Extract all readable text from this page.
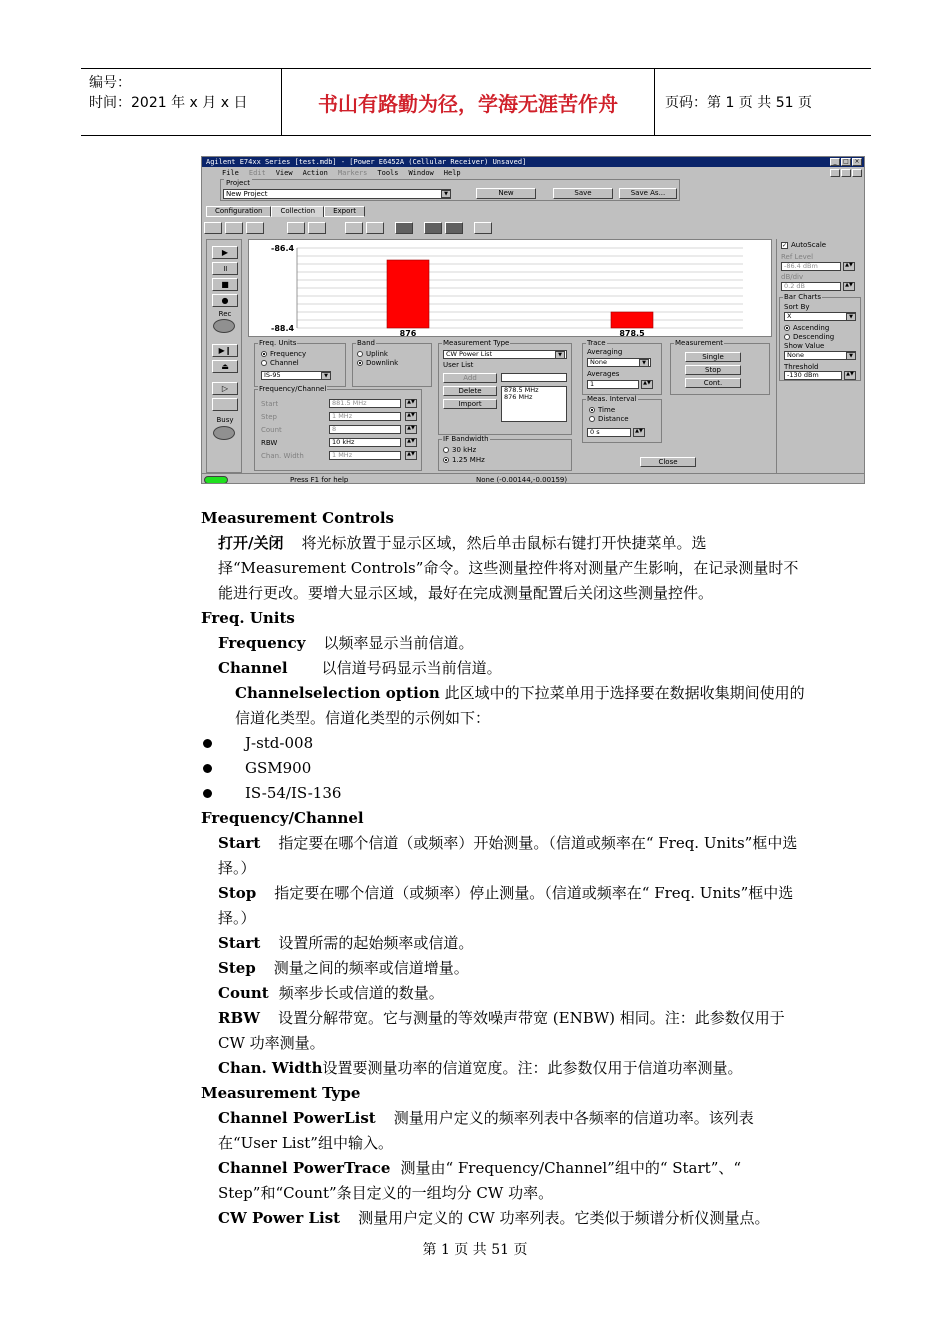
编号：
时间：2021 年 x 月 x 日	书山有路勤为径，学海无涯苦作舟	页码：第 1 页 共 51 页
Agilent E74xx Series [test.mdb] - [Power E6452A (Cellular Receiver) Unsaved]	_	□ ×
File Edit View Action Markers Tools Window Help
Project
New Project	▼	New	Save	Save As...
Configuration	Collection	Export
▶
॥
■
●
Rec
▶❙
⏏
▷
Busy
-86.4
-88.4
876	878.5
Freq. Units
Frequency
Channel
IS-95	▼
Band
Uplink
Downlink
Frequency/Channel
Start	881.5 MHz	▲▼
Step	1 MHz	▲▼
Count	8	▲▼
RBW	10 kHz	▲▼
Chan. Width	1 MHz	▲▼
Measurement Type
CW Power List	▼
User List
Add
Delete
Import
878.5 MHz
876 MHz
IF Bandwidth
30 kHz
1.25 MHz
Trace
Averaging
None	▼
Averages
1	▲▼
Meas. Interval
Time
Distance
0 s	▲▼
Measurement
Single
Stop
Cont.
Close
✓ AutoScale
Ref Level
-86.4 dBm	▲▼
dB/div
0.2 dB	▲▼
Bar Charts
Sort By
X	▼
Ascending
Descending
Show Value
None	▼
Threshold
-130 dBm	▲▼
Press F1 for help	None (-0.00144,-0.00159)

Measurement Controls

打开/关闭 将光标放置于显示区域，然后单击鼠标右键打开快捷菜单。选择“Measurement Controls”命令。这些测量控件将对测量产生影响，在记录测量时不能进行更改。要增大显示区域，最好在完成测量配置后关闭这些测量控件。

Freq. Units

Frequency 以频率显示当前信道。

Channel 以信道号码显示当前信道。

Channelselection option 此区域中的下拉菜单用于选择要在数据收集期间使用的信道化类型。信道化类型的示例如下：

J-std-008
GSM900
IS-54/IS-136

Frequency/Channel

Start 指定要在哪个信道（或频率）开始测量。（信道或频率在“ Freq. Units”框中选择。）

Stop 指定要在哪个信道（或频率）停止测量。（信道或频率在“ Freq. Units”框中选择。）

Start 设置所需的起始频率或信道。

Step 测量之间的频率或信道增量。

Count 频率步长或信道的数量。

RBW 设置分解带宽。它与测量的等效噪声带宽 (ENBW) 相同。注：此参数仅用于 CW 功率测量。

Chan. Width设置要测量功率的信道宽度。注：此参数仅用于信道功率测量。

Measurement Type

Channel PowerList 测量用户定义的频率列表中各频率的信道功率。该列表在“User List”组中输入。

Channel PowerTrace 测量由“ Frequency/Channel”组中的“ Start”、“ Step”和“Count”条目定义的一组均分 CW 功率。

CW Power List 测量用户定义的 CW 功率列表。它类似于频谱分析仪测量点。

第 1 页 共 51 页
